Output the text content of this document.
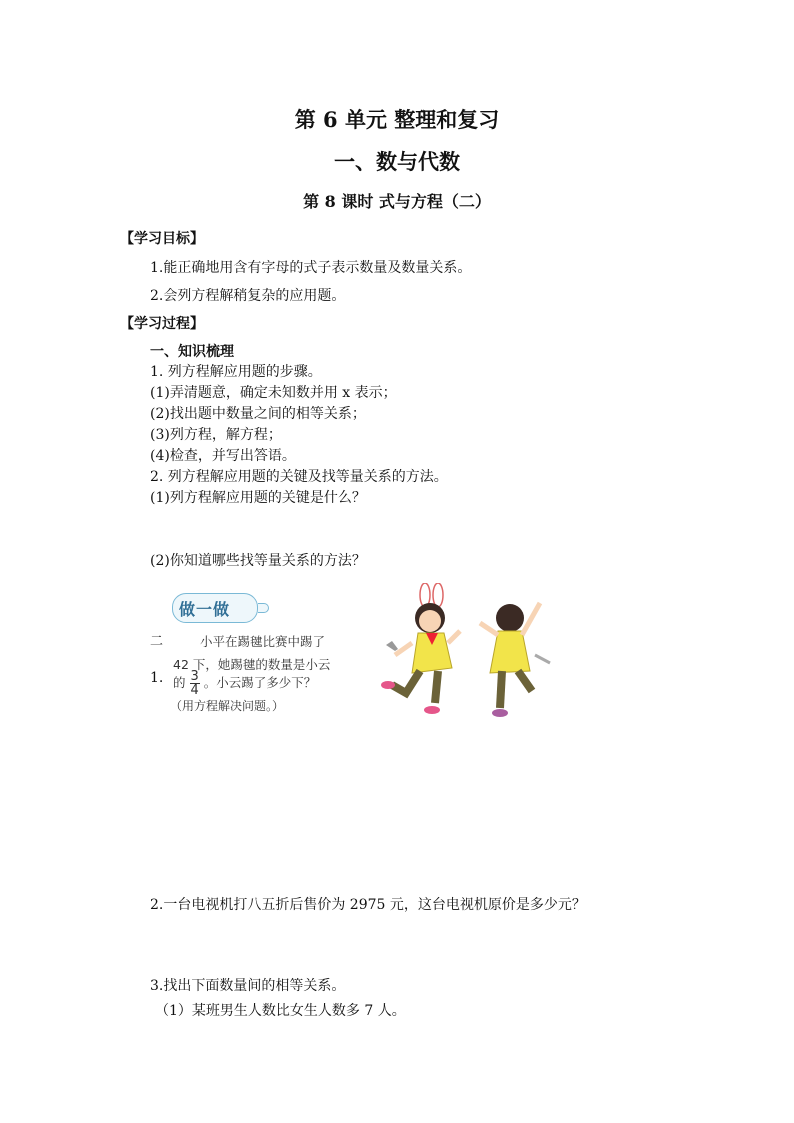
第 6 单元 整理和复习
一、数与代数
第 8 课时 式与方程（二）
【学习目标】
1.能正确地用含有字母的式子表示数量及数量关系。
2.会列方程解稍复杂的应用题。
【学习过程】
一、知识梳理
1. 列方程解应用题的步骤。
(1)弄清题意，确定未知数并用 x 表示；
(2)找出题中数量之间的相等关系；
(3)列方程，解方程；
(4)检查，并写出答语。
2. 列方程解应用题的关键及找等量关系的方法。
(1)列方程解应用题的关键是什么？
(2)你知道哪些找等量关系的方法？
做一做
二
1.
小平在踢毽比赛中踢了
42 下，她踢毽的数量是小云
的 $\frac{3}{4}$ 。小云踢了多少下？
（用方程解决问题。）
2.一台电视机打八五折后售价为 2975 元，这台电视机原价是多少元？
3.找出下面数量间的相等关系。
（1）某班男生人数比女生人数多 7 人。
